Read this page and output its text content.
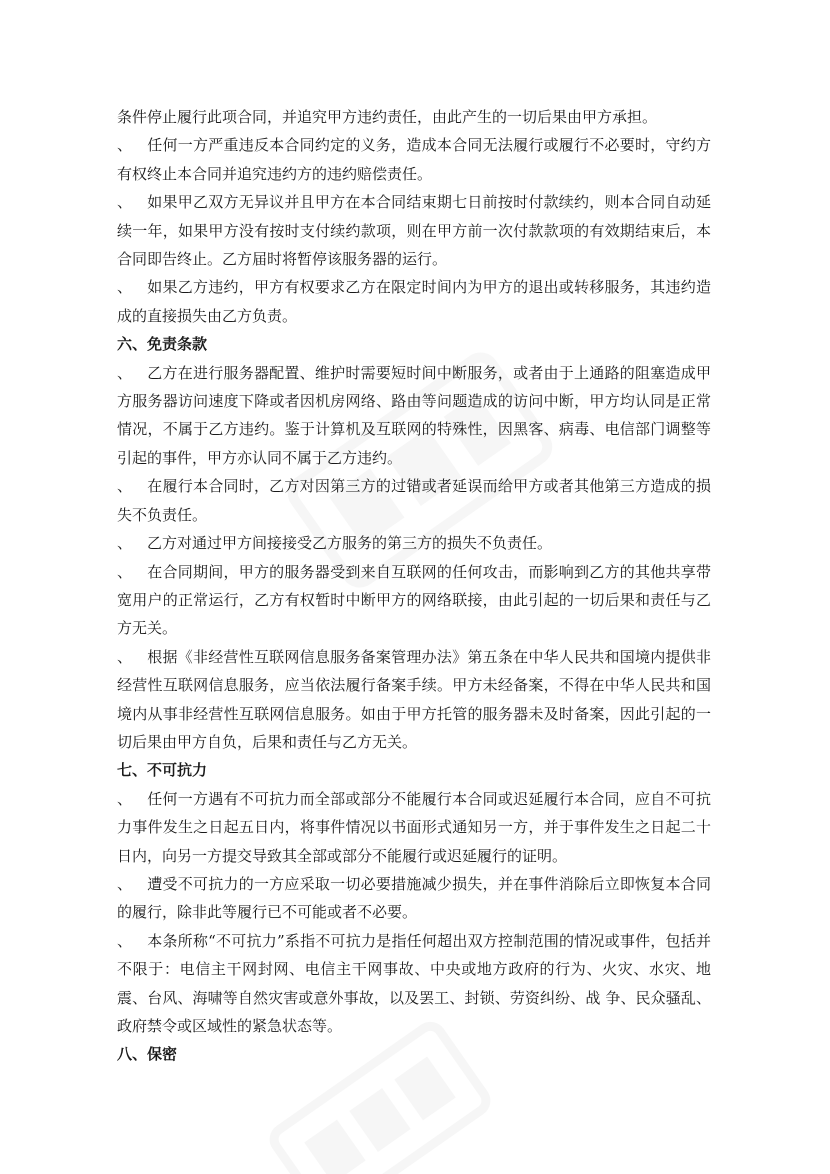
条件停止履行此项合同，并追究甲方违约责任，由此产生的一切后果由甲方承担。

、 任何一方严重违反本合同约定的义务，造成本合同无法履行或履行不必要时，守约方有权终止本合同并追究违约方的违约赔偿责任。

、 如果甲乙双方无异议并且甲方在本合同结束期七日前按时付款续约，则本合同自动延续一年，如果甲方没有按时支付续约款项，则在甲方前一次付款款项的有效期结束后，本合同即告终止。乙方届时将暂停该服务器的运行。

、 如果乙方违约，甲方有权要求乙方在限定时间内为甲方的退出或转移服务，其违约造成的直接损失由乙方负责。

六、免责条款

、 乙方在进行服务器配置、维护时需要短时间中断服务，或者由于上通路的阻塞造成甲方服务器访问速度下降或者因机房网络、路由等问题造成的访问中断，甲方均认同是正常情况，不属于乙方违约。鉴于计算机及互联网的特殊性，因黑客、病毒、电信部门调整等引起的事件，甲方亦认同不属于乙方违约。

、 在履行本合同时，乙方对因第三方的过错或者延误而给甲方或者其他第三方造成的损失不负责任。

、 乙方对通过甲方间接接受乙方服务的第三方的损失不负责任。

、 在合同期间，甲方的服务器受到来自互联网的任何攻击，而影响到乙方的其他共享带宽用户的正常运行，乙方有权暂时中断甲方的网络联接，由此引起的一切后果和责任与乙方无关。

、 根据《非经营性互联网信息服务备案管理办法》第五条在中华人民共和国境内提供非经营性互联网信息服务，应当依法履行备案手续。甲方未经备案，不得在中华人民共和国境内从事非经营性互联网信息服务。如由于甲方托管的服务器未及时备案，因此引起的一切后果由甲方自负，后果和责任与乙方无关。

七、不可抗力

、 任何一方遇有不可抗力而全部或部分不能履行本合同或迟延履行本合同，应自不可抗力事件发生之日起五日内，将事件情况以书面形式通知另一方，并于事件发生之日起二十日内，向另一方提交导致其全部或部分不能履行或迟延履行的证明。

、 遭受不可抗力的一方应采取一切必要措施减少损失，并在事件消除后立即恢复本合同的履行，除非此等履行已不可能或者不必要。

、 本条所称“不可抗力”系指不可抗力是指任何超出双方控制范围的情况或事件，包括并不限于：电信主干网封网、电信主干网事故、中央或地方政府的行为、火灾、水灾、地震、台风、海啸等自然灾害或意外事故，以及罢工、封锁、劳资纠纷、战 争、民众骚乱、政府禁令或区域性的紧急状态等。

八、保密
